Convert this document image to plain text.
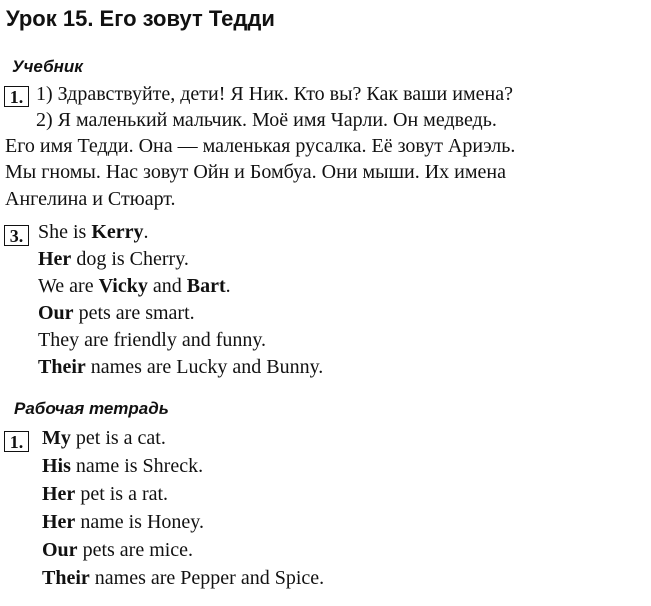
Урок 15. Его зовут Тедди
Учебник
1. 1) Здравствуйте, дети! Я Ник. Кто вы? Как ваши имена?
2) Я маленький мальчик. Моё имя Чарли. Он медведь.
Его имя Тедди. Она — маленькая русалка. Её зовут Ариэль.
Мы гномы. Нас зовут Ойн и Бомбуа. Они мыши. Их имена
Ангелина и Стюарт.
3. She is Kerry.
Her dog is Cherry.
We are Vicky and Bart.
Our pets are smart.
They are friendly and funny.
Their names are Lucky and Bunny.
Рабочая тетрадь
1. My pet is a cat.
His name is Shreck.
Her pet is a rat.
Her name is Honey.
Our pets are mice.
Their names are Pepper and Spice.
